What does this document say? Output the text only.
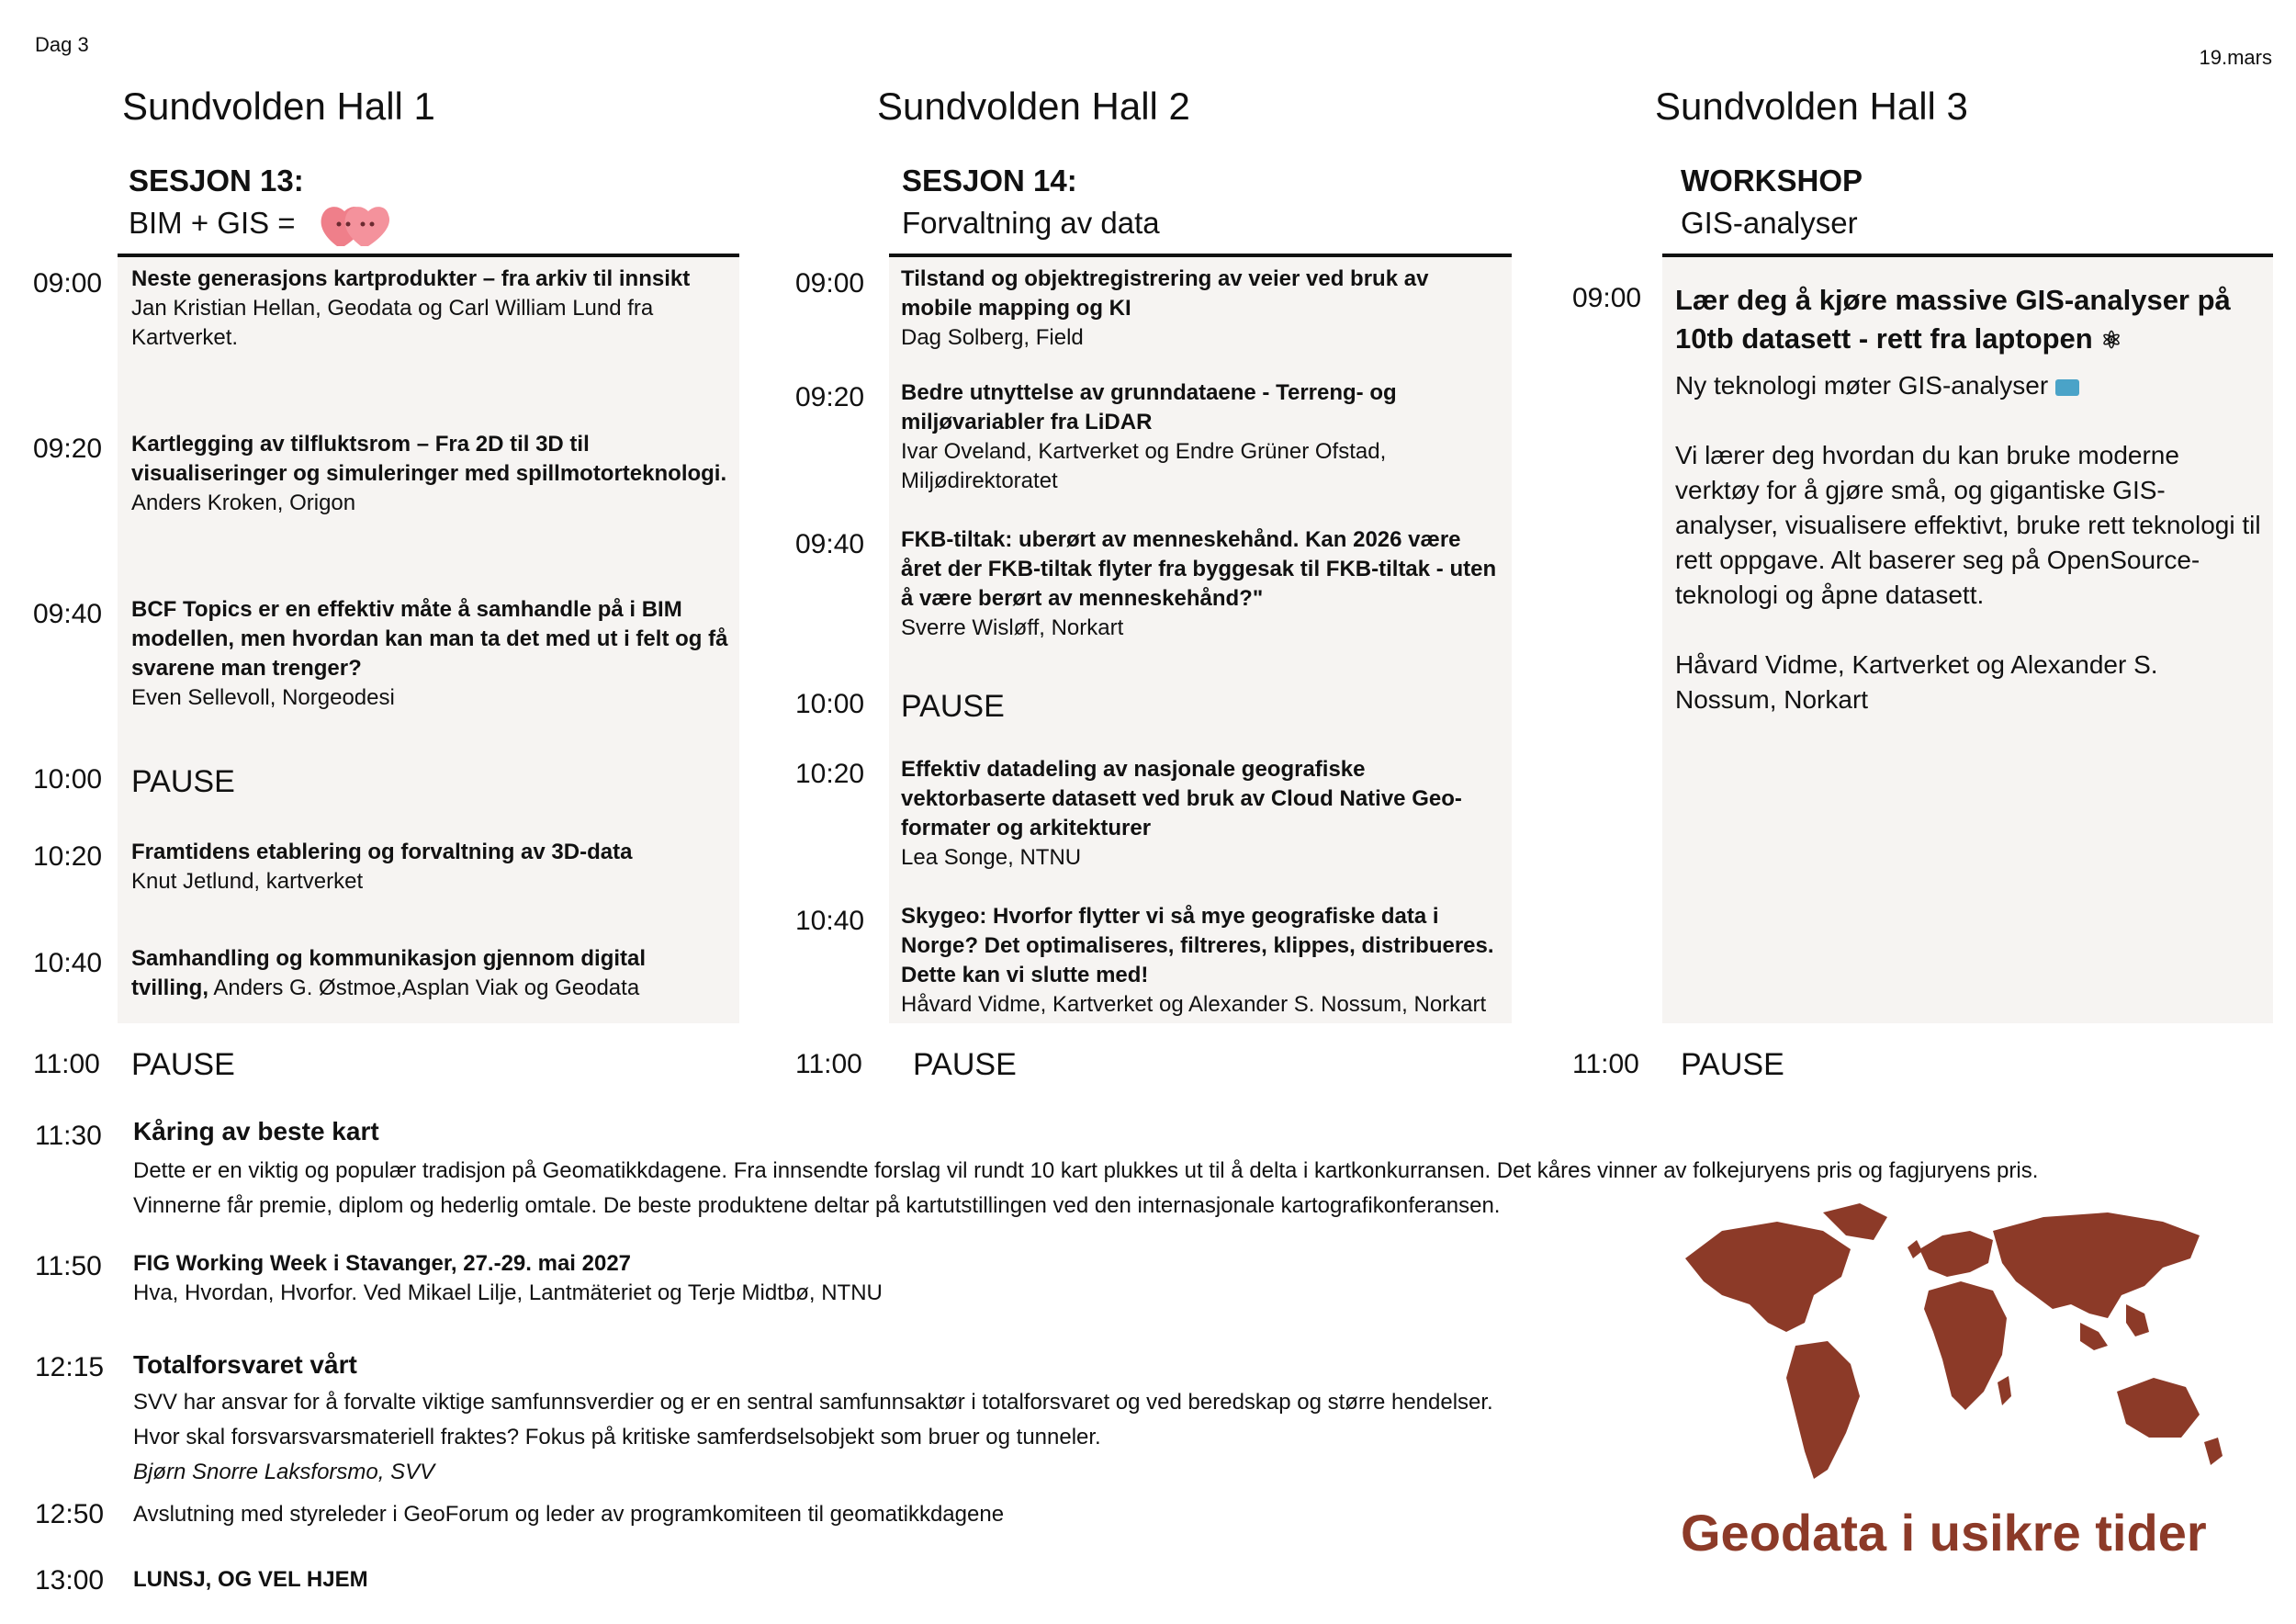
Dag 3
19.mars
Sundvolden Hall 1	Sundvolden Hall 2	Sundvolden Hall 3
SESJON 13:
BIM + GIS =
SESJON 14:
Forvaltning av data
WORKSHOP
GIS-analyser
09:00	Neste generasjons kartprodukter – fra arkiv til innsikt
Jan Kristian Hellan, Geodata og Carl William Lund fra Kartverket.
09:20	Kartlegging av tilfluktsrom – Fra 2D til 3D til visualiseringer og simuleringer med spillmotorteknologi.
Anders Kroken, Origon
09:40	BCF Topics er en effektiv måte å samhandle på i BIM modellen, men hvordan kan man ta det med ut i felt og få svarene man trenger?
Even Sellevoll, Norgeodesi
10:00 PAUSE
10:20	Framtidens etablering og forvaltning av 3D-data
Knut Jetlund, kartverket
10:40	Samhandling og kommunikasjon gjennom digital tvilling, Anders G. Østmoe,Asplan Viak og Geodata
11:00	PAUSE
09:00	Tilstand og objektregistrering av veier ved bruk av mobile mapping og KI
Dag Solberg, Field
09:20	Bedre utnyttelse av grunndataene - Terreng- og miljøvariabler fra LiDAR
Ivar Oveland, Kartverket og Endre Grüner Ofstad, Miljødirektoratet
09:40	FKB-tiltak: uberørt av menneskehånd. Kan 2026 være året der FKB-tiltak flyter fra byggesak til FKB-tiltak - uten å være berørt av menneskehånd?"
Sverre Wisløff, Norkart
10:00	PAUSE
10:20	Effektiv datadeling av nasjonale geografiske vektorbaserte datasett ved bruk av Cloud Native Geo-formater og arkitekturer
Lea Songe, NTNU
10:40	Skygeo: Hvorfor flytter vi så mye geografiske data i Norge? Det optimaliseres, filtreres, klippes, distribueres. Dette kan vi slutte med!
Håvard Vidme, Kartverket og Alexander S. Nossum, Norkart
11:00	PAUSE
09:00	Lær deg å kjøre massive GIS-analyser på 10tb datasett - rett fra laptopen ⚛
Ny teknologi møter GIS-analyser
Vi lærer deg hvordan du kan bruke moderne verktøy for å gjøre små, og gigantiske GIS-analyser, visualisere effektivt, bruke rett teknologi til rett oppgave. Alt baserer seg på OpenSource-teknologi og åpne datasett.
Håvard Vidme, Kartverket og Alexander S. Nossum, Norkart
11:00	PAUSE
11:30	Kåring av beste kart
Dette er en viktig og populær tradisjon på Geomatikkdagene. Fra innsendte forslag vil rundt 10 kart plukkes ut til å delta i kartkonkurransen. Det kåres vinner av folkejuryens pris og fagjuryens pris.
Vinnerne får premie, diplom og hederlig omtale. De beste produktene deltar på kartutstillingen ved den internasjonale kartografikonferansen.
11:50	FIG Working Week i Stavanger, 27.-29. mai 2027
Hva, Hvordan, Hvorfor. Ved Mikael Lilje, Lantmäteriet og Terje Midtbø, NTNU
12:15	Totalforsvaret vårt
SVV har ansvar for å forvalte viktige samfunnsverdier og er en sentral samfunnsaktør i totalforsvaret og ved beredskap og større hendelser.
Hvor skal forsvarsvarsmateriell fraktes? Fokus på kritiske samferdselsobjekt som bruer og tunneler.
Bjørn Snorre Laksforsmo, SVV
12:50	Avslutning med styreleder i GeoForum og leder av programkomiteen til geomatikkdagene
13:00	LUNSJ, OG VEL HJEM
Geodata i usikre tider
